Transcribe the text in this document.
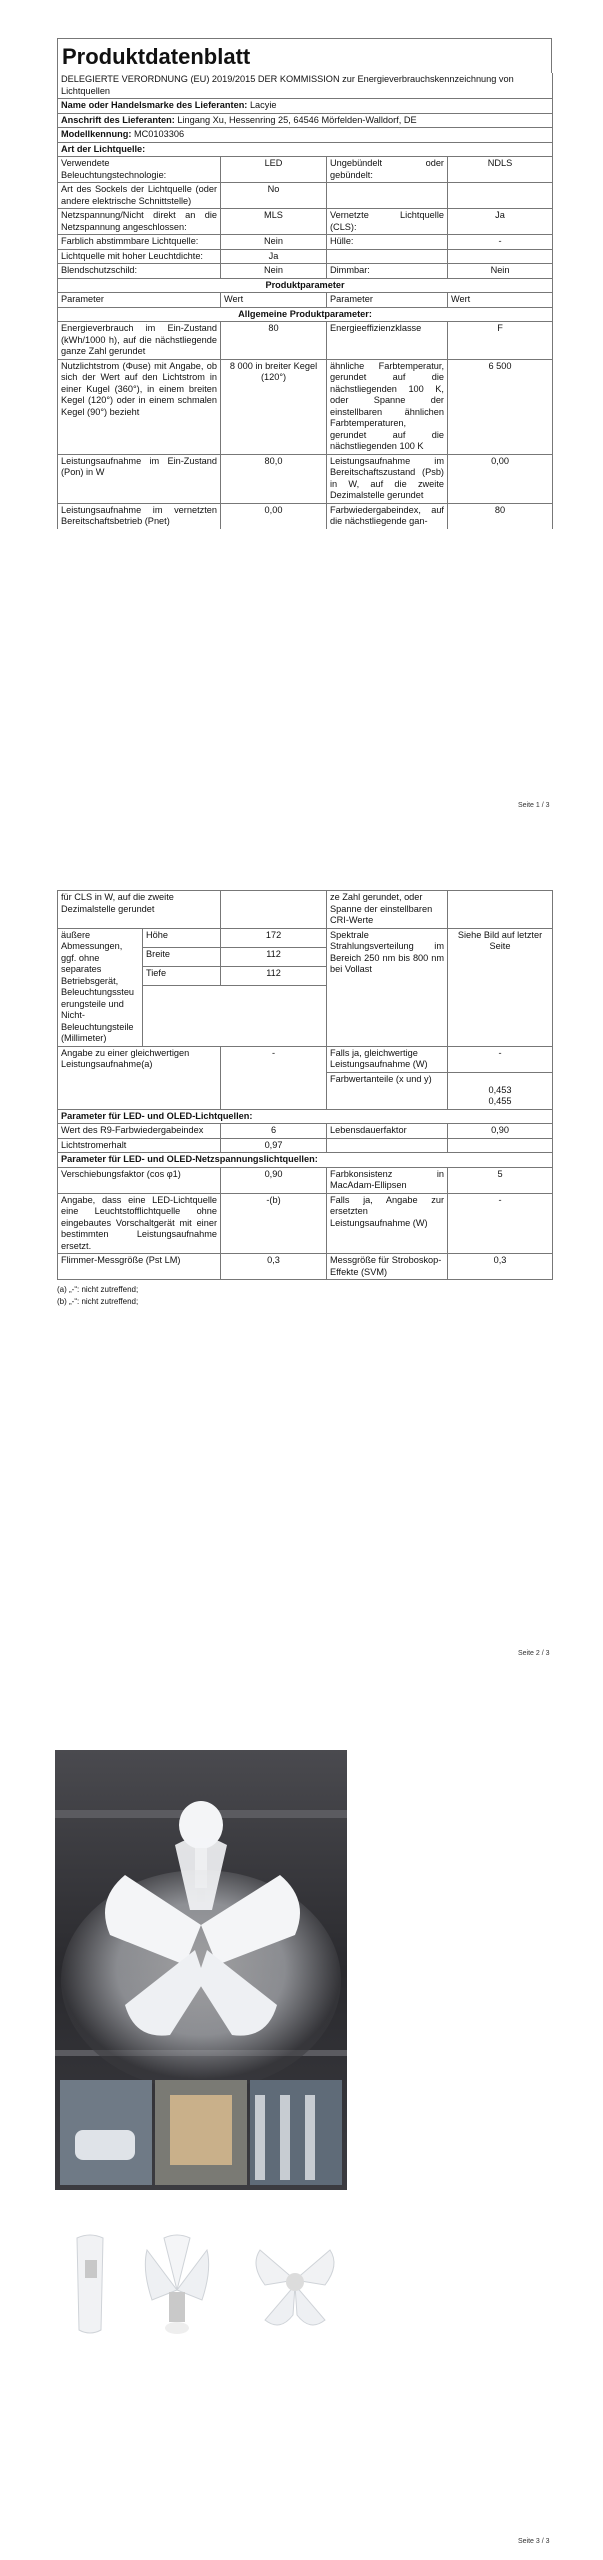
Produktdatenblatt
DELEGIERTE VERORDNUNG (EU) 2019/2015 DER KOMMISSION zur Energieverbrauchskennzeichnung von Lichtquellen			
Name oder Handelsmarke des Lieferanten: Lacyie			
Anschrift des Lieferanten: Lingang Xu, Hessenring 25, 64546 Mörfelden-Walldorf, DE			
Modellkennung: MC0103306			
Art der Lichtquelle:			
Verwendete Beleuchtungstechnologie:	LED	Ungebündelt oder gebündelt:	NDLS
Art des Sockels der Lichtquelle (oder andere elektrische Schnittstelle)	No		
Netzspannung/Nicht direkt an die Netzspannung angeschlossen:	MLS	Vernetzte Lichtquelle (CLS):	Ja
Farblich abstimmbare Lichtquelle:	Nein	Hülle:	-
Lichtquelle mit hoher Leuchtdichte:	Ja		
Blendschutzschild:	Nein	Dimmbar:	Nein
Produktparameter			
Parameter	Wert	Parameter	Wert
Allgemeine Produktparameter:			
Energieverbrauch im Ein-Zustand (kWh/1000 h), auf die nächstliegende ganze Zahl gerundet	80	Energieeffizienzklasse	F
Nutzlichtstrom (Φuse) mit Angabe, ob sich der Wert auf den Lichtstrom in einer Kugel (360°), in einem breiten Kegel (120°) oder in einem schmalen Kegel (90°) bezieht	8 000 in breiter Kegel (120°)	ähnliche Farbtemperatur, gerundet auf die nächstliegenden 100 K, oder Spanne der einstellbaren ähnlichen Farbtemperaturen, gerundet auf die nächstliegenden 100 K	6 500
Leistungsaufnahme im Ein-Zustand (Pon) in W	80,0	Leistungsaufnahme im Bereitschaftszustand (Psb) in W, auf die zweite Dezimalstelle gerundet	0,00
Leistungsaufnahme im vernetzten Bereitschaftsbetrieb (Pnet)	0,00	Farbwiedergabeindex, auf die nächstliegende gan-	80
Seite 1 / 3
für CLS in W, auf die zweite Dezimalstelle gerundet			ze Zahl gerundet, oder Spanne der einstellbaren CRI-Werte	
äußere Abmessungen, ggf. ohne separates Betriebsgerät, Beleuchtungssteuerungsteile und Nicht-Beleuchtungsteile (Millimeter)	Höhe	172	Spektrale Strahlungsverteilung im Bereich 250 nm bis 800 nm bei Vollast	Siehe Bild auf letzter Seite
	Breite	112		
	Tiefe	112		

Angabe zu einer gleichwertigen Leistungsaufnahme(a)		-	Falls ja, gleichwertige Leistungsaufnahme (W)	-
			Farbwertanteile (x und y)	0,453
0,455

Parameter für LED- und OLED-Lichtquellen:				
Wert des R9-Farbwiedergabeindex		6	Lebensdauerfaktor	0,90
Lichtstromerhalt		0,97		
Parameter für LED- und OLED-Netzspannungslichtquellen:				
Verschiebungsfaktor (cos φ1)		0,90	Farbkonsistenz in MacAdam-Ellipsen	5
Angabe, dass eine LED-Lichtquelle eine Leuchtstofflichtquelle ohne eingebautes Vorschaltgerät mit einer bestimmten Leistungsaufnahme ersetzt.		-(b)	Falls ja, Angabe zur ersetzten Leistungsaufnahme (W)	-
Flimmer-Messgröße (Pst LM)		0,3	Messgröße für Stroboskop-Effekte (SVM)	0,3
(a) „-“: nicht zutreffend;
(b) „-“: nicht zutreffend;
Seite 2 / 3
Seite 3 / 3
